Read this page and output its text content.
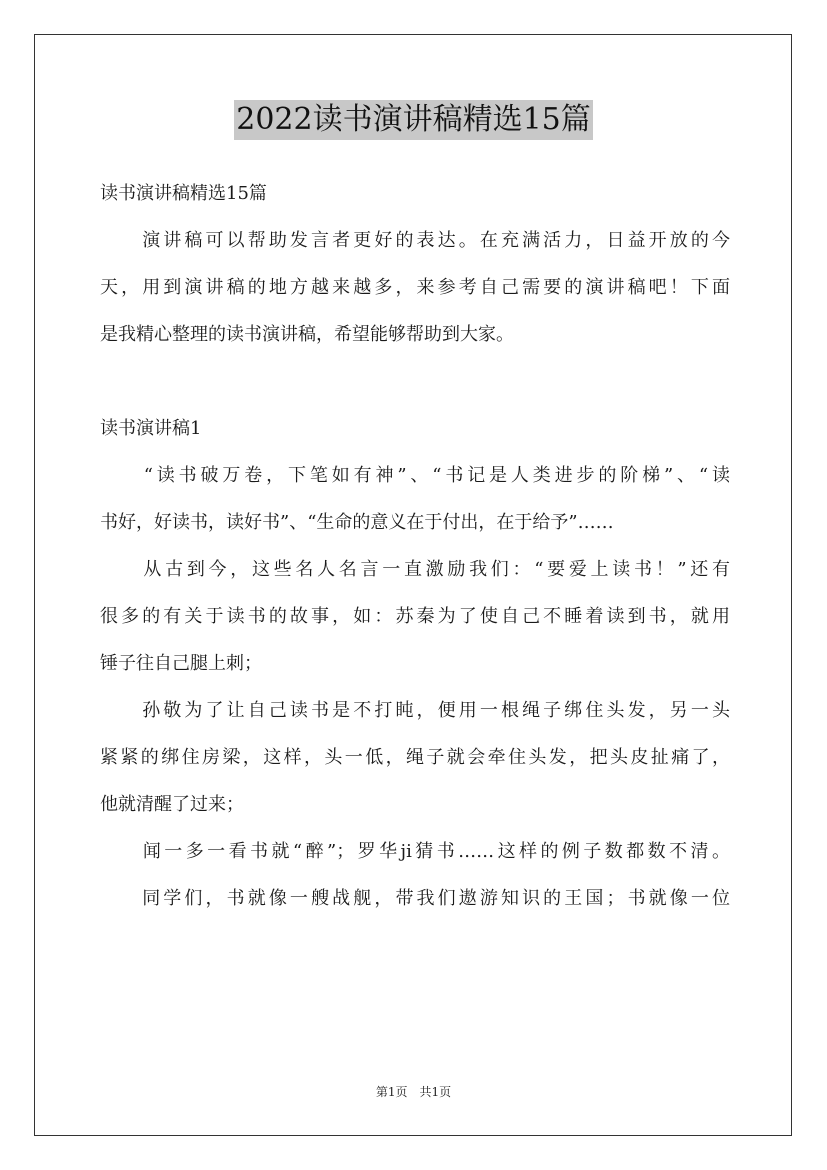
2022读书演讲稿精选15篇
读书演讲稿精选15篇
　　演讲稿可以帮助发言者更好的表达。在充满活力，日益开放的今
天，用到演讲稿的地方越来越多，来参考自己需要的演讲稿吧！下面
是我精心整理的读书演讲稿，希望能够帮助到大家。
读书演讲稿1
　　“读书破万卷，下笔如有神”、“书记是人类进步的阶梯”、“读
书好，好读书，读好书”、“生命的意义在于付出，在于给予”……
　　从古到今，这些名人名言一直激励我们：“要爱上读书！”还有
很多的有关于读书的故事，如：苏秦为了使自己不睡着读到书，就用
锤子往自己腿上刺；
　　孙敬为了让自己读书是不打盹，便用一根绳子绑住头发，另一头
紧紧的绑住房梁，这样，头一低，绳子就会牵住头发，把头皮扯痛了，
他就清醒了过来；
　　闻一多一看书就“醉”；罗华ji猜书……这样的例子数都数不清。
　　同学们，书就像一艘战舰，带我们遨游知识的王国；书就像一位
第1页　共1页
